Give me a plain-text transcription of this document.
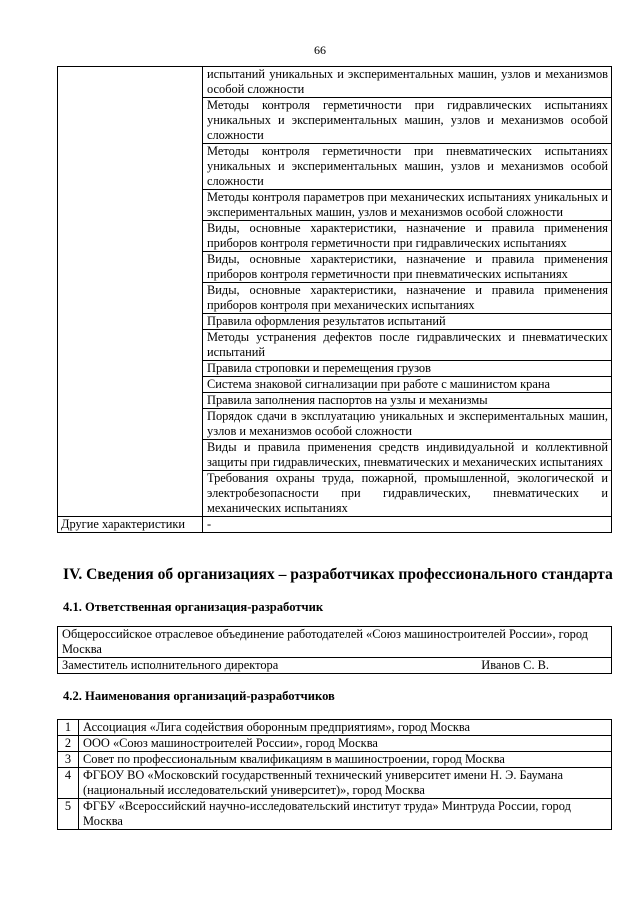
66
	испытаний уникальных и экспериментальных машин, узлов и механизмов особой сложности
	Методы контроля герметичности при гидравлических испытаниях уникальных и экспериментальных машин, узлов и механизмов особой сложности
	Методы контроля герметичности при пневматических испытаниях уникальных и экспериментальных машин, узлов и механизмов особой сложности
	Методы контроля параметров при механических испытаниях уникальных и экспериментальных машин, узлов и механизмов особой сложности
	Виды, основные характеристики, назначение и правила применения приборов контроля герметичности при гидравлических испытаниях
	Виды, основные характеристики, назначение и правила применения приборов контроля герметичности при пневматических испытаниях
	Виды, основные характеристики, назначение и правила применения приборов контроля при механических испытаниях
	Правила оформления результатов испытаний
	Методы устранения дефектов после гидравлических и пневматических испытаний
	Правила строповки и перемещения грузов
	Система знаковой сигнализации при работе с машинистом крана
	Правила заполнения паспортов на узлы и механизмы
	Порядок сдачи в эксплуатацию уникальных и экспериментальных машин, узлов и механизмов особой сложности
	Виды и правила применения средств индивидуальной и коллективной защиты при гидравлических, пневматических и механических испытаниях
	Требования охраны труда, пожарной, промышленной, экологической и электробезопасности при гидравлических, пневматических и механических испытаниях
Другие характеристики	-
IV. Сведения об организациях – разработчиках профессионального стандарта
4.1. Ответственная организация-разработчик
Общероссийское отраслевое объединение работодателей «Союз машиностроителей России», город Москва

Заместитель исполнительного директора	Иванов С. В.
4.2. Наименования организаций-разработчиков
1	Ассоциация «Лига содействия оборонным предприятиям», город Москва
2	ООО «Союз машиностроителей России», город Москва
3	Совет по профессиональным квалификациям в машиностроении, город Москва
4	ФГБОУ ВО «Московский государственный технический университет имени Н. Э. Баумана (национальный исследовательский университет)», город Москва
5	ФГБУ «Всероссийский научно-исследовательский институт труда» Минтруда России, город Москва
